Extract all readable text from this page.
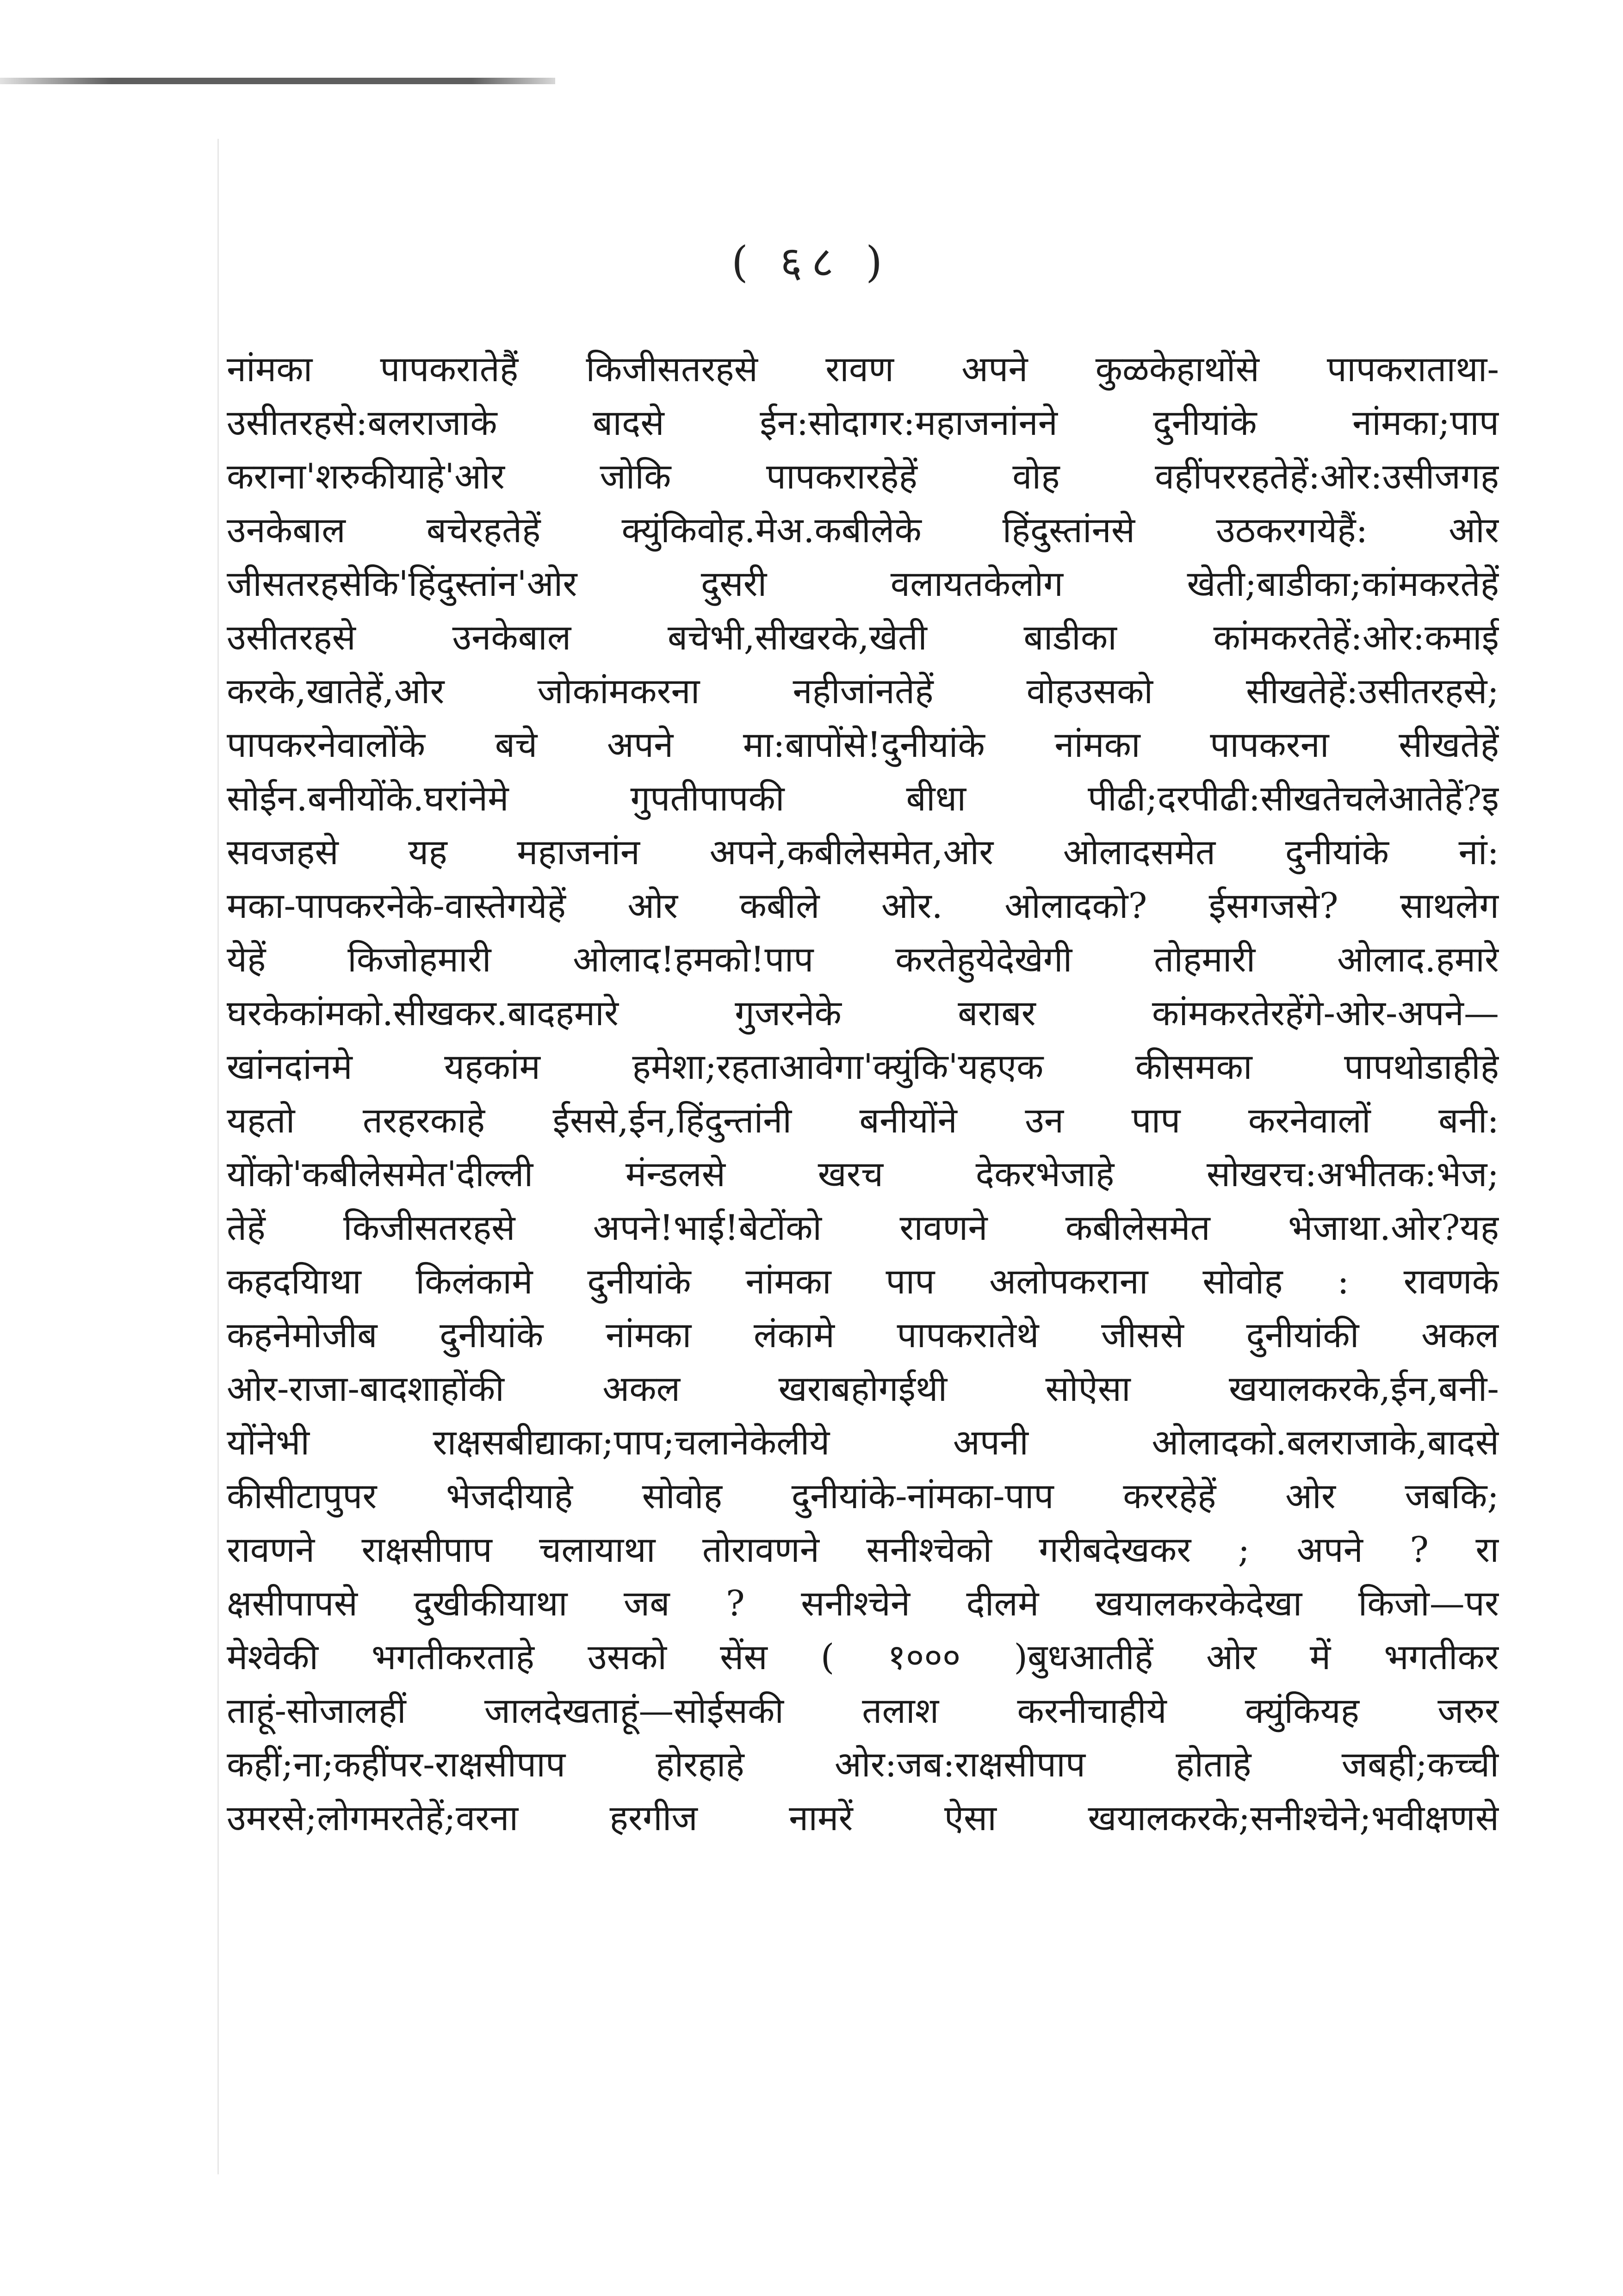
( ६८ )
नांमका पापकरातेहैं किजीसतरहसे रावण अपने कुळकेहाथोंसे पापकराताथा-
उसीतरहसे:बलराजाके बादसे ईन:सोदागर:महाजनांनने दुनीयांके नांमका;पाप
कराना'शरुकीयाहे'ओर जोकि पापकरारहेहें वोह वहींपररहतेहें:ओर:उसीजगह
उनकेबाल बचेरहतेहें क्युंकिवोह.मेअ.कबीलेके हिंदुस्तांनसे उठकरगयेहैं: ओर
जीसतरहसेकि'हिंदुस्तांन'ओर दुसरी वलायतकेलोग खेती;बाडीका;कांमकरतेहें
उसीतरहसे उनकेबाल बचेभी,सीखरके,खेती बाडीका कांमकरतेहें:ओर:कमाई
करके,खातेहें,ओर जोकांमकरना नहीजांनतेहें वोहउसको सीखतेहें:उसीतरहसे;
पापकरनेवालोंके बचे अपने मा:बापोंसे!दुनीयांके नांमका पापकरना सीखतेहें
सोईन.बनीयोंके.घरांनेमे गुपतीपापकी बीधा पीढी;दरपीढी:सीखतेचलेआतेहें?इ
सवजहसे यह महाजनांन अपने,कबीलेसमेत,ओर ओलादसमेत दुनीयांके नां:
मका-पापकरनेके-वास्तेगयेहें ओर कबीले ओर. ओलादको? ईसगजसे? साथलेग
येहें किजोहमारी ओलाद!हमको!पाप करतेहुयेदेखेगी तोहमारी ओलाद.हमारे
घरकेकांमको.सीखकर.बादहमारे गुजरनेके बराबर कांमकरतेरहेंगे-ओर-अपने—
खांनदांनमे यहकांम हमेशा;रहताआवेगा'क्युंकि'यहएक कीसमका पापथोडाहीहे
यहतो तरहरकाहे ईससे,ईन,हिंदुन्तांनी बनीयोंने उन पाप करनेवालों बनी:
योंको'कबीलेसमेत'दील्ली मंन्डलसे खरच देकरभेजाहे सोखरच:अभीतक:भेज;
तेहें किजीसतरहसे अपने!भाई!बेटोंको रावणने कबीलेसमेत भेजाथा.ओर?यह
कहदयिाथा किलंकामे दुनीयांके नांमका पाप अलोपकराना सोवोह : रावणके
कहनेमोजीब दुनीयांके नांमका लंकामे पापकरातेथे जीससे दुनीयांकी अकल
ओर-राजा-बादशाहोंकी अकल खराबहोगईथी सोऐसा खयालकरके,ईन,बनी-
योंनेभी राक्षसबीद्याका;पाप;चलानेकेलीये अपनी ओलादको.बलराजाके,बादसे
कीसीटापुपर भेजदीयाहे सोवोह दुनीयांके-नांमका-पाप कररहेहें ओर जबकि;
रावणने राक्षसीपाप चलायाथा तोरावणने सनीश्चेको गरीबदेखकर ; अपने ? रा
क्षसीपापसे दुखीकीयाथा जब ? सनीश्चेने दीलमे खयालकरकेदेखा किजो—पर
मेश्वेकी भगतीकरताहे उसको सेंस ( १००० )बुधआतीहें ओर में भगतीकर
ताहूं-सोजालहीं जालदेखताहूं—सोईसकी तलाश करनीचाहीये क्युंकियह जरुर
कहीं;ना;कहींपर-राक्षसीपाप होरहाहे ओर:जब:राक्षसीपाप होताहे जबही;कच्ची
उमरसे;लोगमरतेहें;वरना हरगीज नामरें ऐसा खयालकरके;सनीश्चेने;भवीक्षणसे
